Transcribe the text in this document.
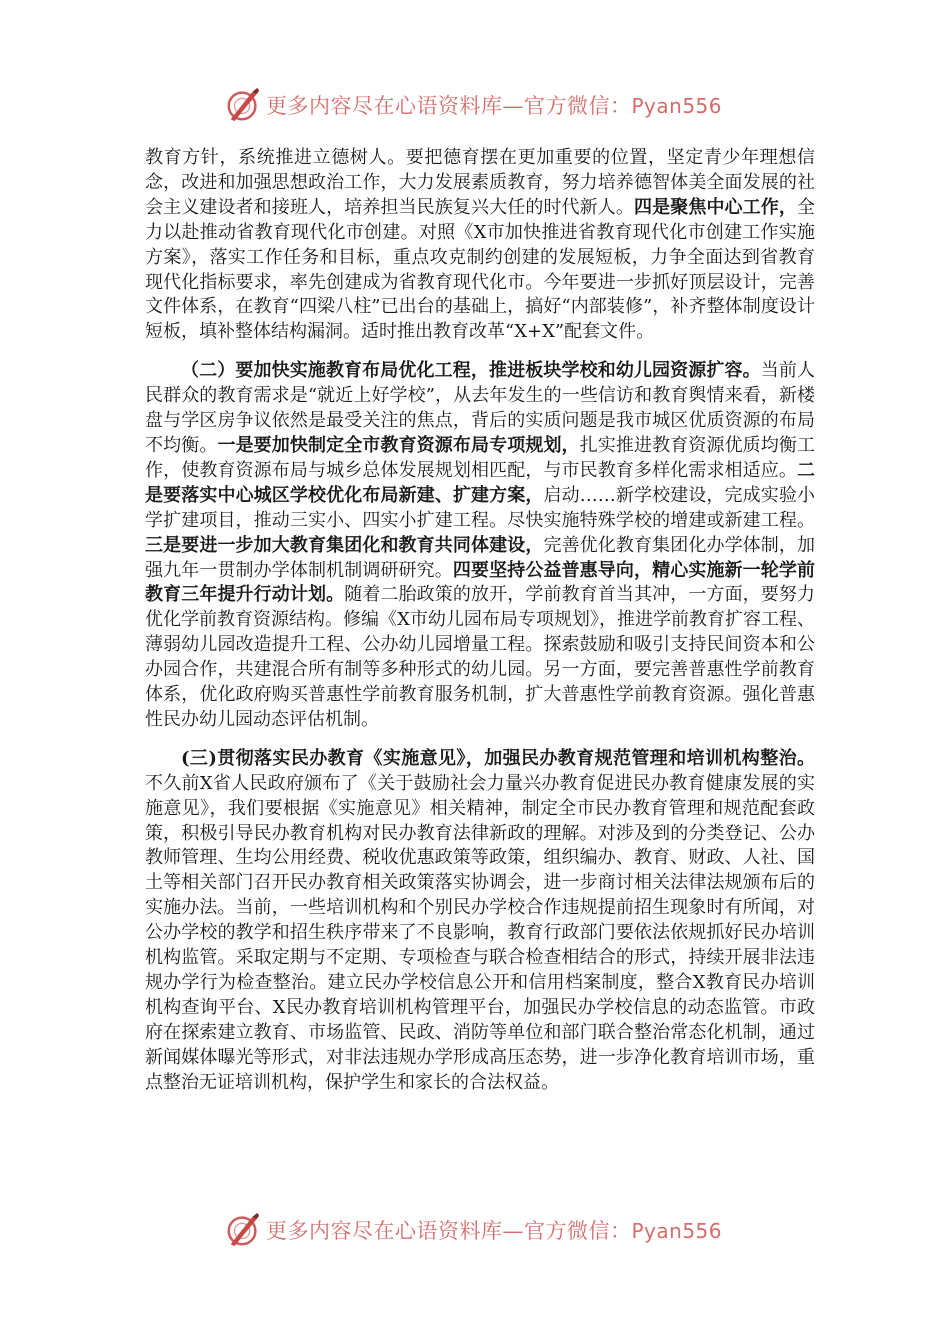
更多内容尽在心语资料库—官方微信：Pyan556

教育方针，系统推进立德树人。要把德育摆在更加重要的位置，坚定青少年理想信念，改进和加强思想政治工作，大力发展素质教育，努力培养德智体美全面发展的社会主义建设者和接班人，培养担当民族复兴大任的时代新人。四是聚焦中心工作，全力以赴推动省教育现代化市创建。对照《X市加快推进省教育现代化市创建工作实施方案》，落实工作任务和目标，重点攻克制约创建的发展短板，力争全面达到省教育现代化指标要求，率先创建成为省教育现代化市。今年要进一步抓好顶层设计，完善文件体系，在教育“四梁八柱”已出台的基础上，搞好“内部装修”，补齐整体制度设计短板，填补整体结构漏洞。适时推出教育改革“X+X”配套文件。

（二）要加快实施教育布局优化工程，推进板块学校和幼儿园资源扩容。当前人民群众的教育需求是“就近上好学校”，从去年发生的一些信访和教育舆情来看，新楼盘与学区房争议依然是最受关注的焦点，背后的实质问题是我市城区优质资源的布局不均衡。一是要加快制定全市教育资源布局专项规划，扎实推进教育资源优质均衡工作，使教育资源布局与城乡总体发展规划相匹配，与市民教育多样化需求相适应。二是要落实中心城区学校优化布局新建、扩建方案，启动……新学校建设，完成实验小学扩建项目，推动三实小、四实小扩建工程。尽快实施特殊学校的增建或新建工程。三是要进一步加大教育集团化和教育共同体建设，完善优化教育集团化办学体制，加强九年一贯制办学体制机制调研研究。四要坚持公益普惠导向，精心实施新一轮学前教育三年提升行动计划。随着二胎政策的放开，学前教育首当其冲，一方面，要努力优化学前教育资源结构。修编《X市幼儿园布局专项规划》，推进学前教育扩容工程、薄弱幼儿园改造提升工程、公办幼儿园增量工程。探索鼓励和吸引支持民间资本和公办园合作，共建混合所有制等多种形式的幼儿园。另一方面，要完善普惠性学前教育体系，优化政府购买普惠性学前教育服务机制，扩大普惠性学前教育资源。强化普惠性民办幼儿园动态评估机制。

(三)贯彻落实民办教育《实施意见》，加强民办教育规范管理和培训机构整治。不久前X省人民政府颁布了《关于鼓励社会力量兴办教育促进民办教育健康发展的实施意见》，我们要根据《实施意见》相关精神，制定全市民办教育管理和规范配套政策，积极引导民办教育机构对民办教育法律新政的理解。对涉及到的分类登记、公办教师管理、生均公用经费、税收优惠政策等政策，组织编办、教育、财政、人社、国土等相关部门召开民办教育相关政策落实协调会，进一步商讨相关法律法规颁布后的实施办法。当前，一些培训机构和个别民办学校合作违规提前招生现象时有所闻，对公办学校的教学和招生秩序带来了不良影响，教育行政部门要依法依规抓好民办培训机构监管。采取定期与不定期、专项检查与联合检查相结合的形式，持续开展非法违规办学行为检查整治。建立民办学校信息公开和信用档案制度，整合X教育民办培训机构查询平台、X民办教育培训机构管理平台，加强民办学校信息的动态监管。市政府在探索建立教育、市场监管、民政、消防等单位和部门联合整治常态化机制，通过新闻媒体曝光等形式，对非法违规办学形成高压态势，进一步净化教育培训市场，重点整治无证培训机构，保护学生和家长的合法权益。

更多内容尽在心语资料库—官方微信：Pyan556
